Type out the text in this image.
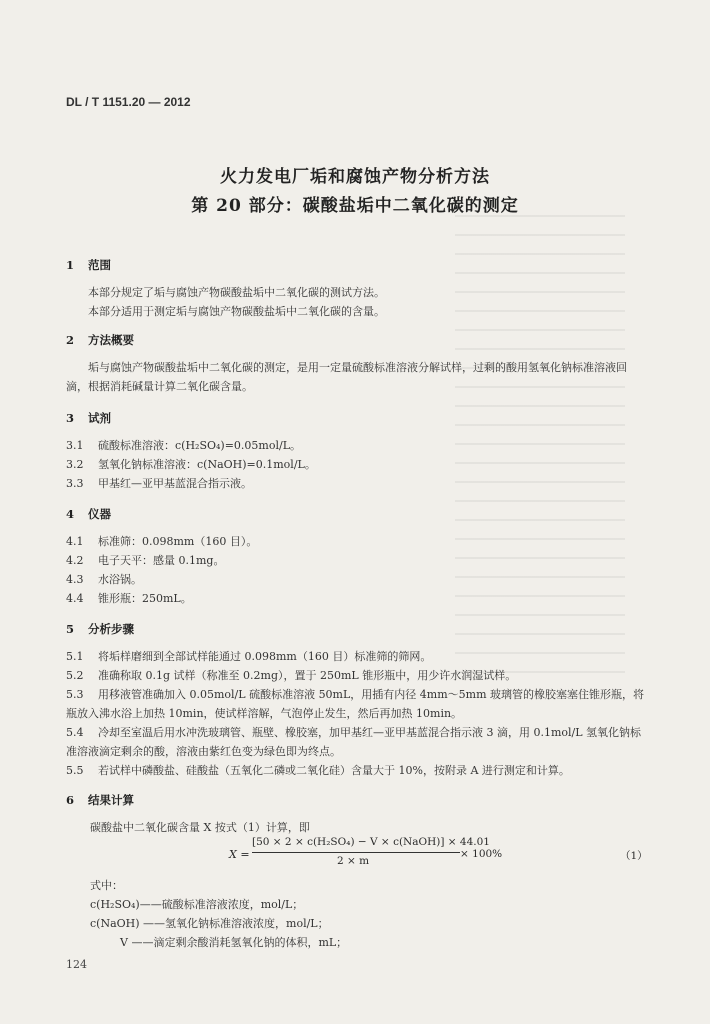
DL / T 1151.20 — 2012
火力发电厂垢和腐蚀产物分析方法
第 20 部分：碳酸盐垢中二氧化碳的测定
1 范围
本部分规定了垢与腐蚀产物碳酸盐垢中二氧化碳的测试方法。
本部分适用于测定垢与腐蚀产物碳酸盐垢中二氧化碳的含量。
2 方法概要
垢与腐蚀产物碳酸盐垢中二氧化碳的测定，是用一定量硫酸标准溶液分解试样，过剩的酸用氢氧化钠标准溶液回滴，根据消耗碱量计算二氧化碳含量。
3 试剂
3.1 硫酸标准溶液：c(H₂SO₄)=0.05mol/L。
3.2 氢氧化钠标准溶液：c(NaOH)=0.1mol/L。
3.3 甲基红—亚甲基蓝混合指示液。
4 仪器
4.1 标准筛：0.098mm（160 目）。
4.2 电子天平：感量 0.1mg。
4.3 水浴锅。
4.4 锥形瓶：250mL。
5 分析步骤
5.1 将垢样磨细到全部试样能通过 0.098mm（160 目）标准筛的筛网。
5.2 准确称取 0.1g 试样（称准至 0.2mg），置于 250mL 锥形瓶中，用少许水润湿试样。
5.3 用移液管准确加入 0.05mol/L 硫酸标准溶液 50mL，用插有内径 4mm～5mm 玻璃管的橡胶塞塞住锥形瓶，将瓶放入沸水浴上加热 10min，使试样溶解，气泡停止发生，然后再加热 10min。
5.4 冷却至室温后用水冲洗玻璃管、瓶壁、橡胶塞，加甲基红—亚甲基蓝混合指示液 3 滴，用 0.1mol/L 氢氧化钠标准溶液滴定剩余的酸，溶液由紫红色变为绿色即为终点。
5.5 若试样中磷酸盐、硅酸盐（五氧化二磷或二氧化硅）含量大于 10%，按附录 A 进行测定和计算。
6 结果计算
碳酸盐中二氧化碳含量 X 按式（1）计算，即
X =
[50 × 2 × c(H₂SO₄) − V × c(NaOH)] × 44.01
2 × m
× 100%	（1）
式中：
c(H₂SO₄)——硫酸标准溶液浓度，mol/L；
c(NaOH) ——氢氧化钠标准溶液浓度，mol/L；
V ——滴定剩余酸消耗氢氧化钠的体积，mL；
124
